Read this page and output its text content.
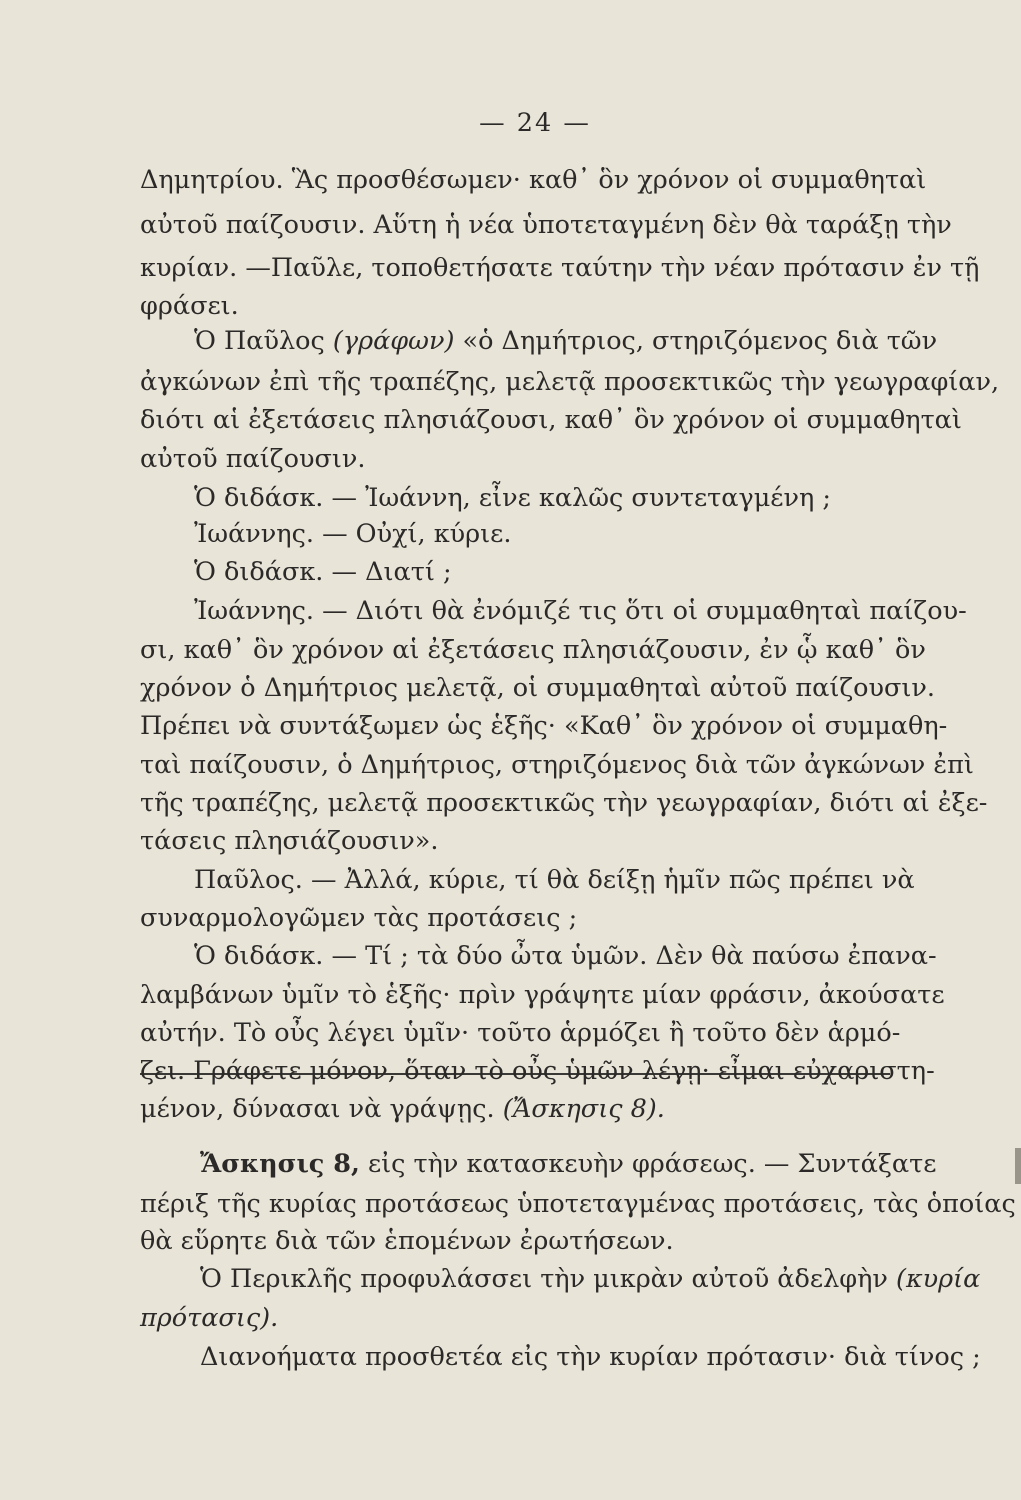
— 24 —
Δημητρίου. Ἃς προσθέσωμεν· καθ᾽ ὃν χρόνον οἱ συμμαθηταὶ
αὐτοῦ παίζουσιν. Αὕτη ἡ νέα ὑποτεταγμένη δὲν θὰ ταράξῃ τὴν
κυρίαν. —Παῦλε, τοποθετήσατε ταύτην τὴν νέαν πρότασιν ἐν τῇ
φράσει.
Ὁ Παῦλος (γράφων) «ὁ Δημήτριος, στηριζόμενος διὰ τῶν
ἀγκώνων ἐπὶ τῆς τραπέζης, μελετᾷ προσεκτικῶς τὴν γεωγραφίαν,
διότι αἱ ἐξετάσεις πλησιάζουσι, καθ᾽ ὃν χρόνον οἱ συμμαθηταὶ
αὐτοῦ παίζουσιν.
Ὁ διδάσκ. — Ἰωάννη, εἶνε καλῶς συντεταγμένη ;
Ἰωάννης. — Οὐχί, κύριε.
Ὁ διδάσκ. — Διατί ;
Ἰωάννης. — Διότι θὰ ἐνόμιζέ τις ὅτι οἱ συμμαθηταὶ παίζου-
σι, καθ᾽ ὃν χρόνον αἱ ἐξετάσεις πλησιάζουσιν, ἐν ᾧ καθ᾽ ὃν
χρόνον ὁ Δημήτριος μελετᾷ, οἱ συμμαθηταὶ αὐτοῦ παίζουσιν.
Πρέπει νὰ συντάξωμεν ὡς ἑξῆς· «Καθ᾽ ὃν χρόνον οἱ συμμαθη-
ταὶ παίζουσιν, ὁ Δημήτριος, στηριζόμενος διὰ τῶν ἀγκώνων ἐπὶ
τῆς τραπέζης, μελετᾷ προσεκτικῶς τὴν γεωγραφίαν, διότι αἱ ἐξε-
τάσεις πλησιάζουσιν».
Παῦλος. — Ἀλλά, κύριε, τί θὰ δείξῃ ἡμῖν πῶς πρέπει νὰ
συναρμολογῶμεν τὰς προτάσεις ;
Ὁ διδάσκ. — Τί ; τὰ δύο ὦτα ὑμῶν. Δὲν θὰ παύσω ἐπανα-
λαμβάνων ὑμῖν τὸ ἑξῆς· πρὶν γράψητε μίαν φράσιν, ἀκούσατε
αὐτήν. Τὸ οὖς λέγει ὑμῖν· τοῦτο ἁρμόζει ἢ τοῦτο δὲν ἁρμό-
ζει. Γράφετε μόνον, ὅταν τὸ οὖς ὑμῶν λέγῃ· εἶμαι εὐχαριστη-
μένον, δύνασαι νὰ γράψῃς. (Ἄσκησις 8).
Ἄσκησις 8, εἰς τὴν κατασκευὴν φράσεως. — Συντάξατε
πέριξ τῆς κυρίας προτάσεως ὑποτεταγμένας προτάσεις, τὰς ὁποίας
θὰ εὕρητε διὰ τῶν ἑπομένων ἐρωτήσεων.
Ὁ Περικλῆς προφυλάσσει τὴν μικρὰν αὐτοῦ ἀδελφὴν (κυρία
πρότασις).
Διανοήματα προσθετέα εἰς τὴν κυρίαν πρότασιν· διὰ τίνος ;
